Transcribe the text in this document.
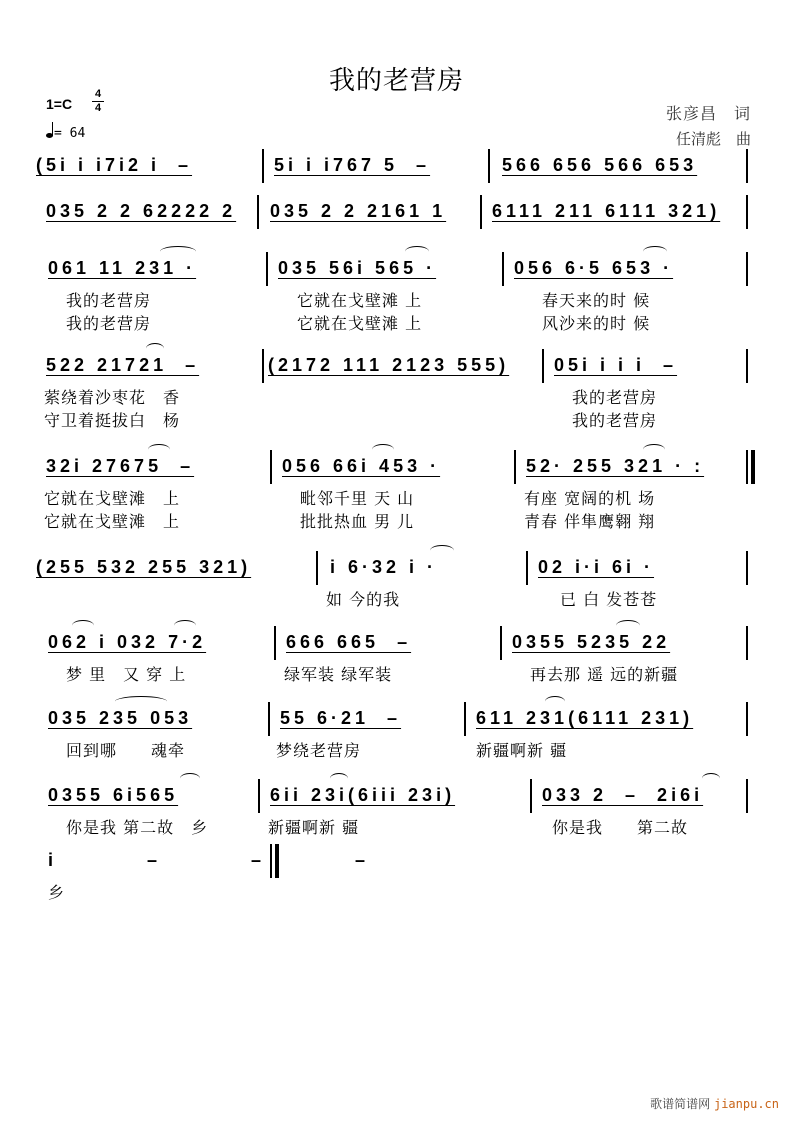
我的老营房
1=C
4
4
= 64
张彦昌　词
任清彪　曲

(5i i i7i2 i  –

	5i i i767 5  –

	566 656 566 653

035 2 2 62222 2

035 2 2 2161 1

	6111 211 6111 321)

061 11 231 ·

	035 56i 565 ·

	056 6·5 653 ·

我的老营房	它就在戈壁滩 上	春天来的时 候
我的老营房	它就在戈壁滩 上	风沙来的时 候

522 21721  –

	(2172 111 2123 555)

05i i i i  –

萦绕着沙枣花　香	我的老营房
守卫着挺拔白　杨	我的老营房

32i 27675  –

	056 66i 453 ·

	52· 255 321 · :

它就在戈壁滩　上	毗邻千里 天 山	有座 宽阔的机 场
它就在戈壁滩　上	批批热血 男 儿	青春 伴隼鹰翱 翔

(255 532 255 321)

	i 6·32 i ·

	02 i·i 6i ·

如 今的我	已 白 发苍苍

062 i 032 7·2

	666 665  –

	0355 5235 22

梦 里　又 穿 上	绿军装 绿军装	再去那 遥 远的新疆

035 235 053

	55 6·21  –

	611 231(6111 231)

回到哪　　魂牵	梦绕老营房	新疆啊新 疆

0355 6i565

	6ii 23i(6iii 23i)

	033 2  –  2i6i

你是我 第二故　乡	新疆啊新 疆	你是我　　第二故

i  –  –  –

乡
歌谱简谱网 jianpu.cn
